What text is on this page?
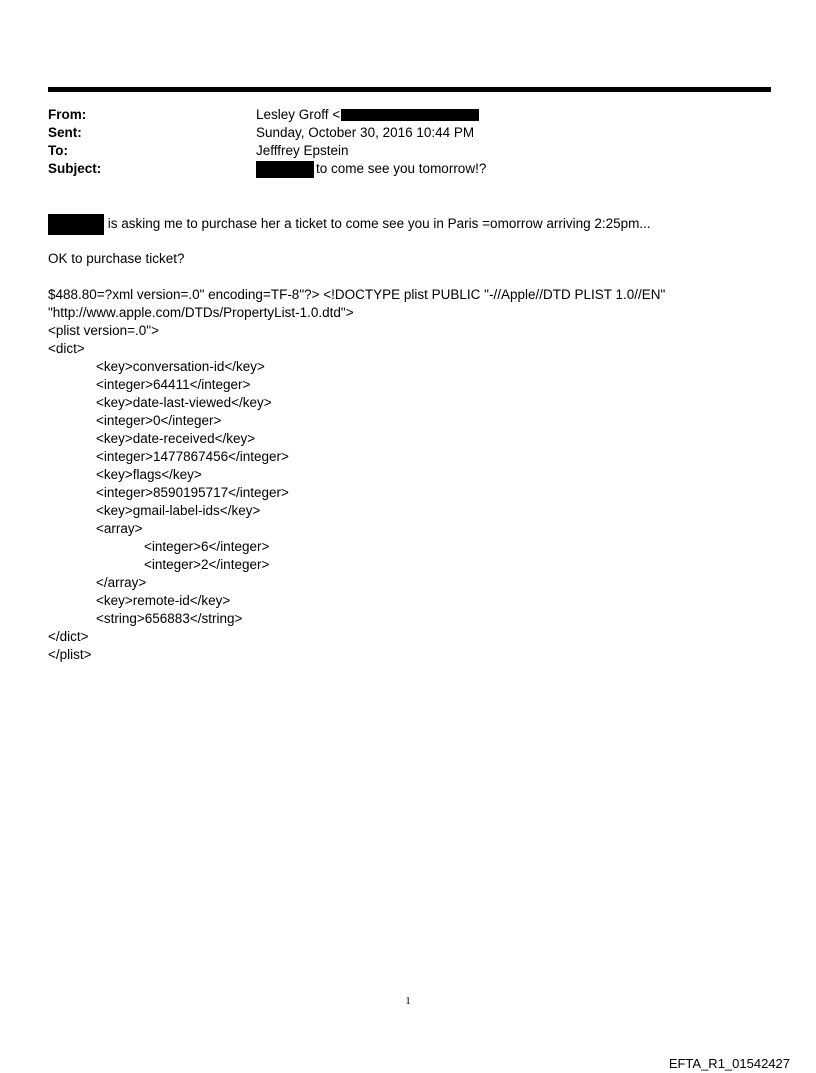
From:	Lesley Groff <
Sent:	Sunday, October 30, 2016 10:44 PM
To:	Jefffrey Epstein
Subject:	to come see you tomorrow!?
is asking me to purchase her a ticket to come see you in Paris =omorrow arriving 2:25pm...
OK to purchase ticket?
$488.80=?xml version=.0" encoding=TF-8"?> <!DOCTYPE plist PUBLIC "-//Apple//DTD PLIST 1.0//EN"
"http://www.apple.com/DTDs/PropertyList-1.0.dtd">
<plist version=.0">
<dict>
<key>conversation-id</key>
<integer>64411</integer>
<key>date-last-viewed</key>
<integer>0</integer>
<key>date-received</key>
<integer>1477867456</integer>
<key>flags</key>
<integer>8590195717</integer>
<key>gmail-label-ids</key>
<array>
<integer>6</integer>
<integer>2</integer>
</array>
<key>remote-id</key>
<string>656883</string>
</dict>
</plist>
1
EFTA_R1_01542427
